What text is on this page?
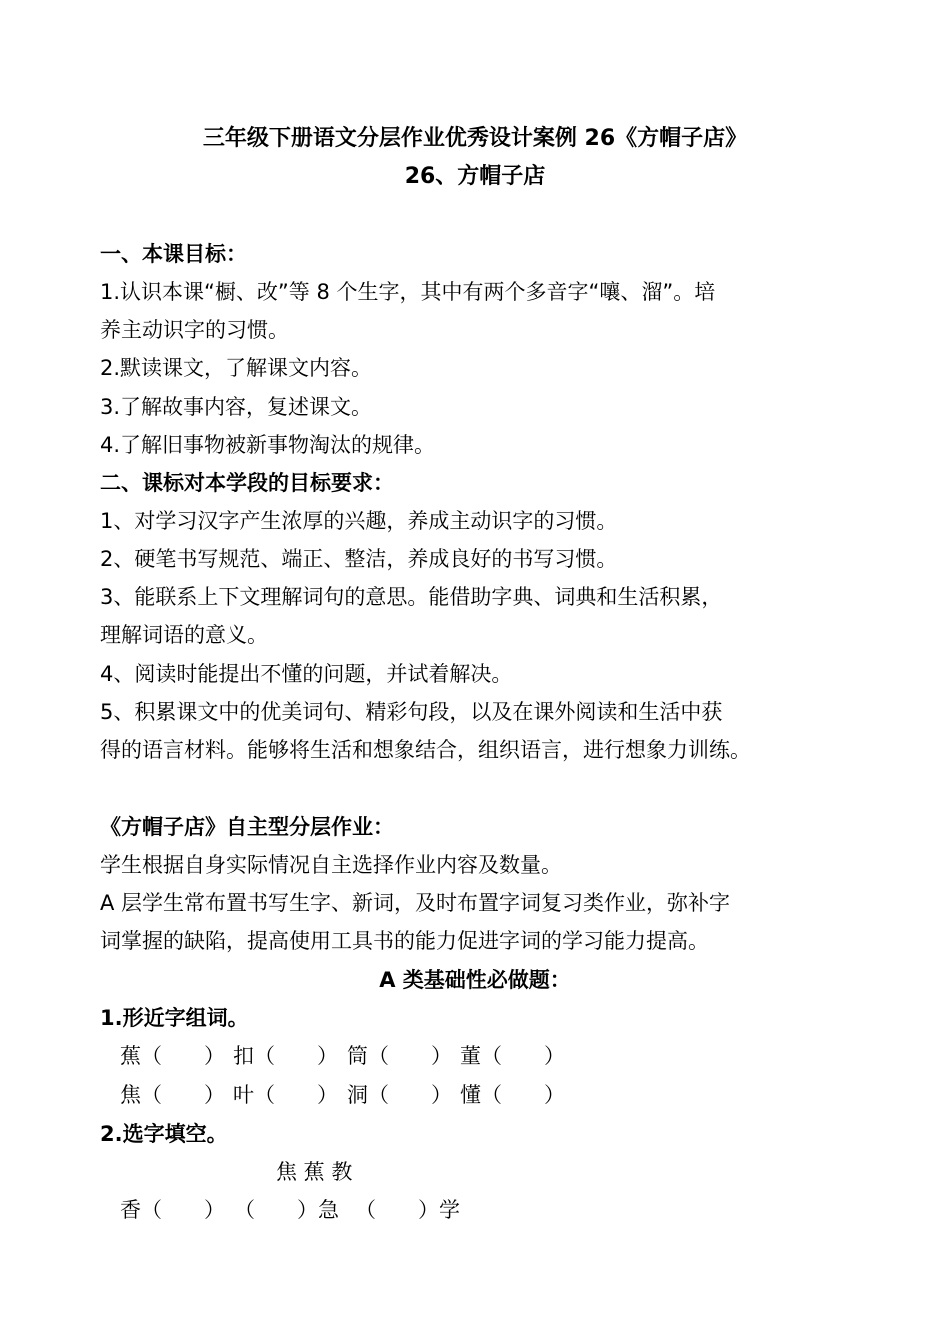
三年级下册语文分层作业优秀设计案例 26《方帽子店》
26、方帽子店
一、本课目标：
1.认识本课“橱、改”等 8 个生字，其中有两个多音字“嚷、溜”。培
养主动识字的习惯。
2.默读课文，了解课文内容。
3.了解故事内容，复述课文。
4.了解旧事物被新事物淘汰的规律。
二、课标对本学段的目标要求：
1、对学习汉字产生浓厚的兴趣，养成主动识字的习惯。
2、硬笔书写规范、端正、整洁，养成良好的书写习惯。
3、能联系上下文理解词句的意思。能借助字典、词典和生活积累，
理解词语的意义。
4、阅读时能提出不懂的问题，并试着解决。
5、积累课文中的优美词句、精彩句段，以及在课外阅读和生活中获
得的语言材料。能够将生活和想象结合，组织语言，进行想象力训练。
《方帽子店》自主型分层作业：
学生根据自身实际情况自主选择作业内容及数量。
A 层学生常布置书写生字、新词，及时布置字词复习类作业，弥补字
词掌握的缺陷，提高使用工具书的能力促进字词的学习能力提高。
A 类基础性必做题：
1.形近字组词。
蕉（　　） 扣（　　） 筒（　　） 董（　　）
焦（　　） 叶（　　） 洞（　　） 懂（　　）
2.选字填空。
焦 蕉 教
香（　　） （　　）急 （　　）学
